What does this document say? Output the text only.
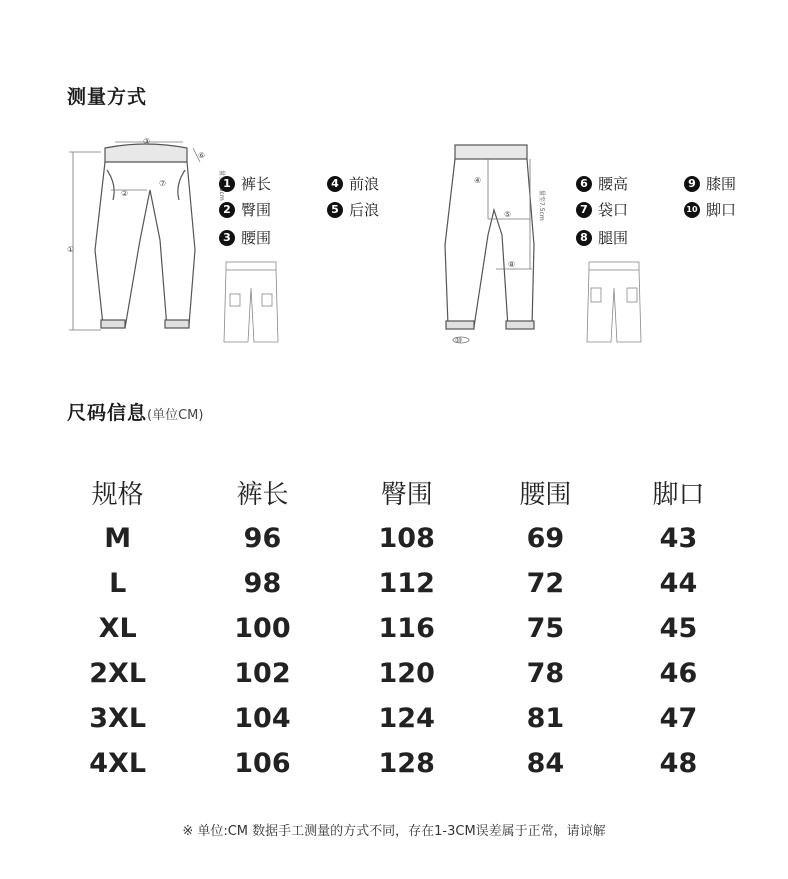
测量方式
①
②
③
⑥
⑦	1 裤长
2 臀围
3 腰围
4 前浪
5 后浪
④
⑤
⑧
⑩
量至7.5cm
6 腰高
7 袋口
8 腿围
9 膝围
10 脚口
尺码信息(单位CM)
规格	裤长	臀围	腰围	脚口
M	96	108	69	43
L	98	112	72	44
XL	100	116	75	45
2XL	102	120	78	46
3XL	104	124	81	47
4XL	106	128	84	48
※ 单位:CM 数据手工测量的方式不同，存在1-3CM误差属于正常，请谅解
